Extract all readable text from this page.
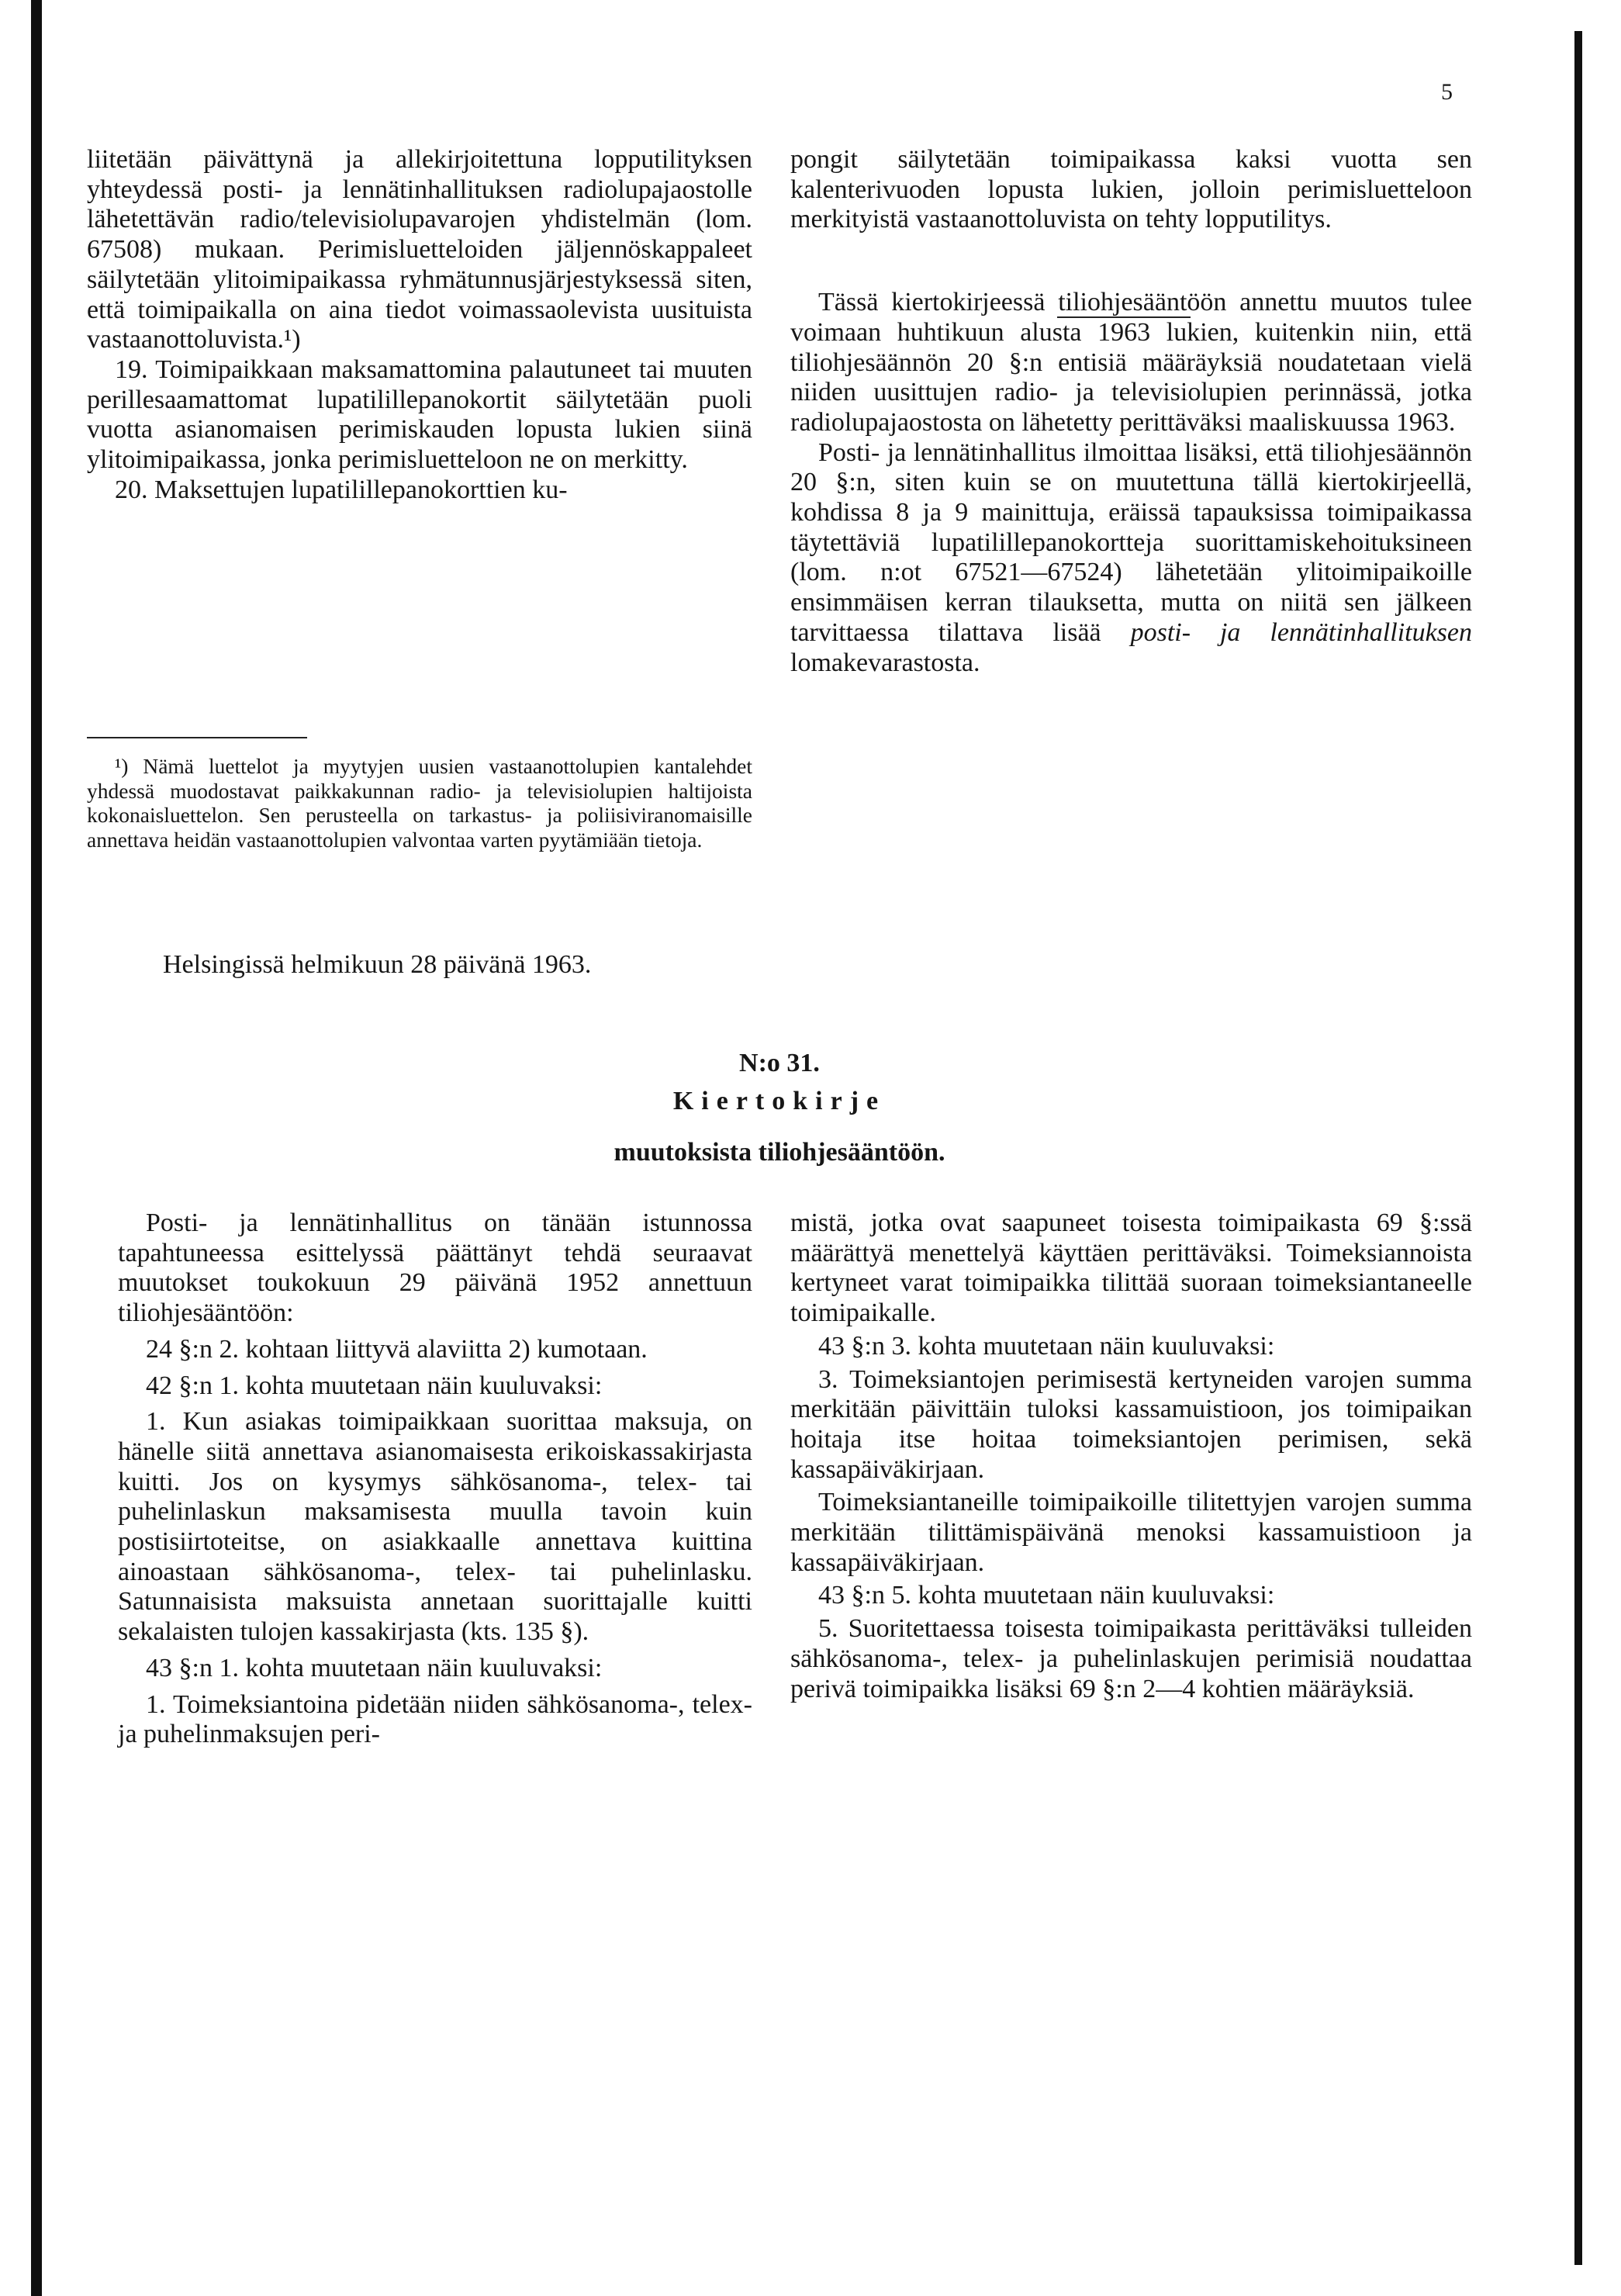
5

liitetään päivättynä ja allekirjoitettuna lopputilityksen yhteydessä posti- ja lennätinhallituksen radiolupajaostolle lähetettävän radio/televisiolupavarojen yhdistelmän (lom. 67508) mukaan. Perimisluetteloiden jäljennöskappaleet säilytetään ylitoimipaikassa ryhmätunnusjärjestyksessä siten, että toimipaikalla on aina tiedot voimassaolevista uusituista vastaanottoluvista.¹)

19. Toimipaikkaan maksamattomina palautuneet tai muuten perillesaamattomat lupatilillepanokortit säilytetään puoli vuotta asianomaisen perimiskauden lopusta lukien siinä ylitoimipaikassa, jonka perimisluetteloon ne on merkitty.

20. Maksettujen lupatilillepanokorttien ku-

¹) Nämä luettelot ja myytyjen uusien vastaanottolupien kantalehdet yhdessä muodostavat paikkakunnan radio- ja televisiolupien haltijoista kokonaisluettelon. Sen perusteella on tarkastus- ja poliisiviranomaisille annettava heidän vastaanottolupien valvontaa varten pyytämiään tietoja.
Helsingissä helmikuun 28 päivänä 1963.

pongit säilytetään toimipaikassa kaksi vuotta sen kalenterivuoden lopusta lukien, jolloin perimisluetteloon merkityistä vastaanottoluvista on tehty lopputilitys.

Tässä kiertokirjeessä tiliohjesääntöön annettu muutos tulee voimaan huhtikuun alusta 1963 lukien, kuitenkin niin, että tiliohjesäännön 20 §:n entisiä määräyksiä noudatetaan vielä niiden uusittujen radio- ja televisiolupien perinnässä, jotka radiolupajaostosta on lähetetty perittäväksi maaliskuussa 1963.

Posti- ja lennätinhallitus ilmoittaa lisäksi, että tiliohjesäännön 20 §:n, siten kuin se on muutettuna tällä kiertokirjeellä, kohdissa 8 ja 9 mainittuja, eräissä tapauksissa toimipaikassa täytettäviä lupatilillepanokortteja suorittamiskehoituksineen (lom. n:ot 67521—67524) lähetetään ylitoimipaikoille ensimmäisen kerran tilauksetta, mutta on niitä sen jälkeen tarvittaessa tilattava lisää posti- ja lennätinhallituksen lomakevarastosta.

N:o 31.
Kiertokirje
muutoksista tiliohjesääntöön.

Posti- ja lennätinhallitus on tänään istunnossa tapahtuneessa esittelyssä päättänyt tehdä seuraavat muutokset toukokuun 29 päivänä 1952 annettuun tiliohjesääntöön:

24 §:n 2. kohtaan liittyvä alaviitta 2) kumotaan.

42 §:n 1. kohta muutetaan näin kuuluvaksi:

1. Kun asiakas toimipaikkaan suorittaa maksuja, on hänelle siitä annettava asianomaisesta erikoiskassakirjasta kuitti. Jos on kysymys sähkösanoma-, telex- tai puhelinlaskun maksamisesta muulla tavoin kuin postisiirtoteitse, on asiakkaalle annettava kuittina ainoastaan sähkösanoma-, telex- tai puhelinlasku. Satunnaisista maksuista annetaan suorittajalle kuitti sekalaisten tulojen kassakirjasta (kts. 135 §).

43 §:n 1. kohta muutetaan näin kuuluvaksi:

1. Toimeksiantoina pidetään niiden sähkösanoma-, telex- ja puhelinmaksujen peri-

mistä, jotka ovat saapuneet toisesta toimipaikasta 69 §:ssä määrättyä menettelyä käyttäen perittäväksi. Toimeksiannoista kertyneet varat toimipaikka tilittää suoraan toimeksiantaneelle toimipaikalle.

43 §:n 3. kohta muutetaan näin kuuluvaksi:

3. Toimeksiantojen perimisestä kertyneiden varojen summa merkitään päivittäin tuloksi kassamuistioon, jos toimipaikan hoitaja itse hoitaa toimeksiantojen perimisen, sekä kassapäiväkirjaan.

Toimeksiantaneille toimipaikoille tilitettyjen varojen summa merkitään tilittämispäivänä menoksi kassamuistioon ja kassapäiväkirjaan.

43 §:n 5. kohta muutetaan näin kuuluvaksi:

5. Suoritettaessa toisesta toimipaikasta perittäväksi tulleiden sähkösanoma-, telex- ja puhelinlaskujen perimisiä noudattaa perivä toimipaikka lisäksi 69 §:n 2—4 kohtien määräyksiä.
